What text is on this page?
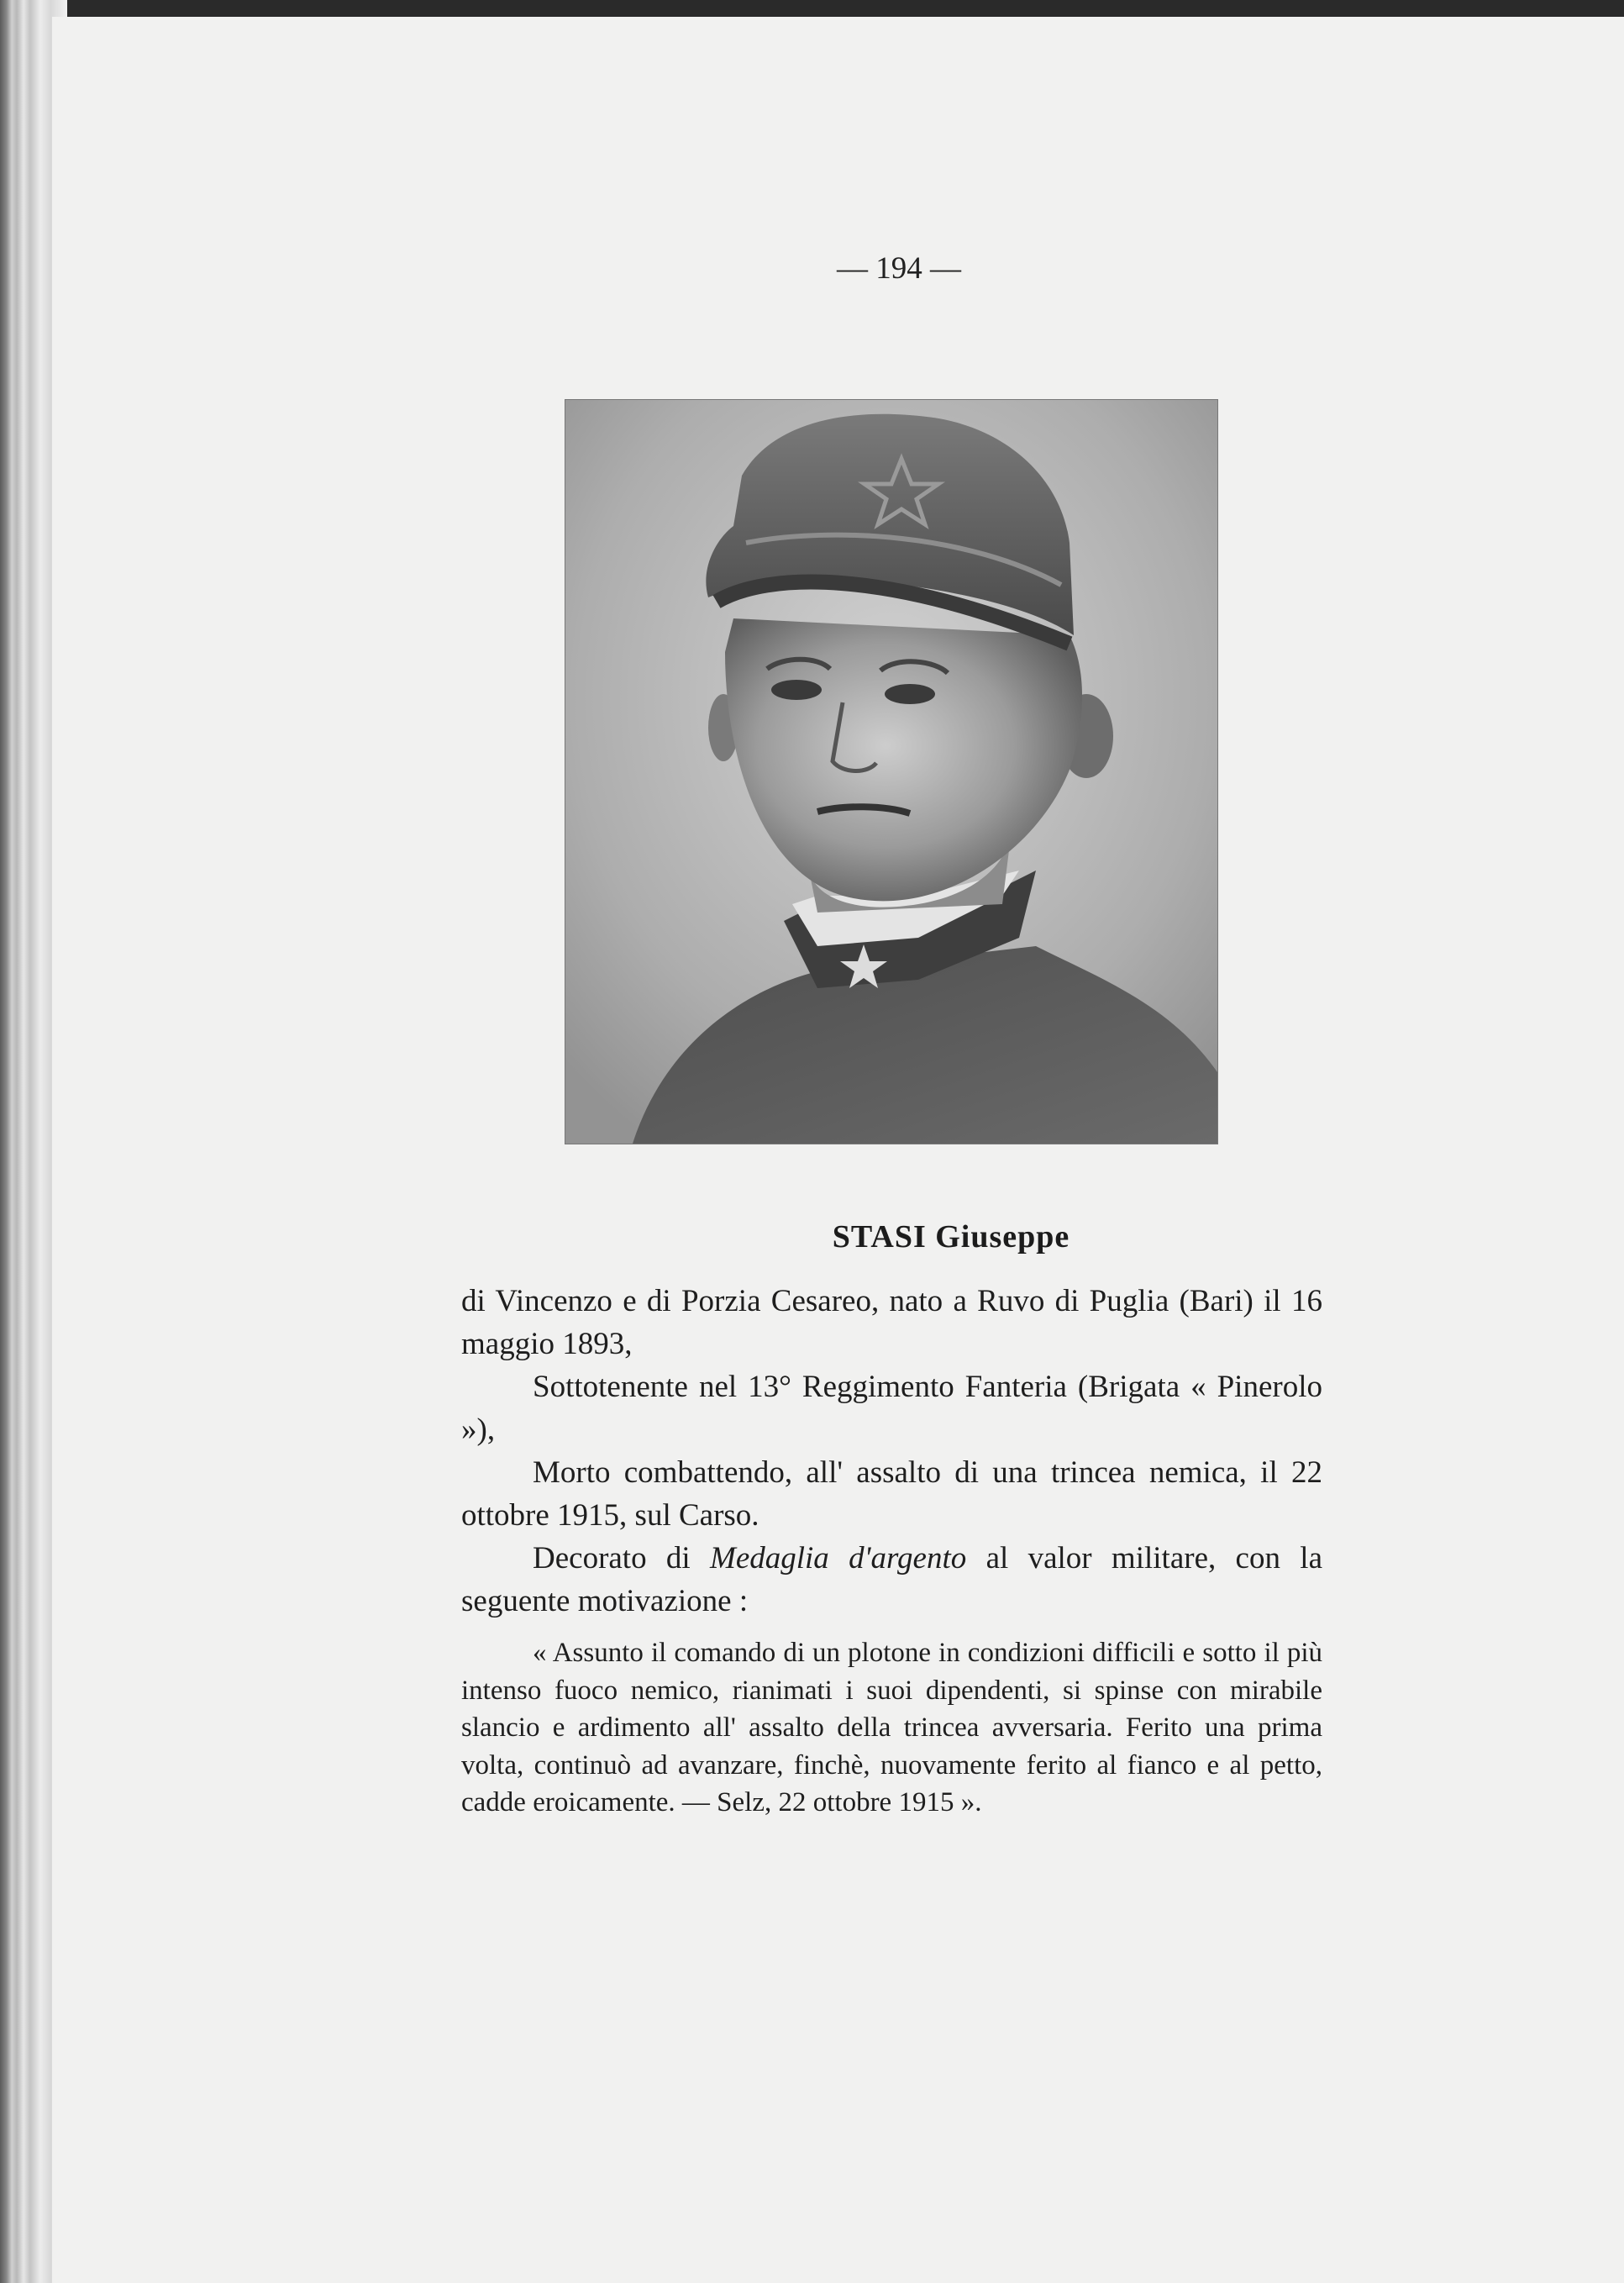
— 194 —
STASI Giuseppe

di Vincenzo e di Porzia Cesareo, nato a Ruvo di Puglia (Bari) il 16 maggio 1893,

Sottotenente nel 13° Reggimento Fanteria (Brigata « Pinerolo »),

Morto combattendo, all' assalto di una trincea nemica, il 22 ottobre 1915, sul Carso.

Decorato di Medaglia d'argento al valor militare, con la seguente motivazione :

« Assunto il comando di un plotone in condizioni difficili e sotto il più intenso fuoco nemico, rianimati i suoi dipendenti, si spinse con mirabile slancio e ardimento all' assalto della trincea avversaria. Ferito una prima volta, continuò ad avanzare, finchè, nuovamente ferito al fianco e al petto, cadde eroicamente. — Selz, 22 ottobre 1915 ».
